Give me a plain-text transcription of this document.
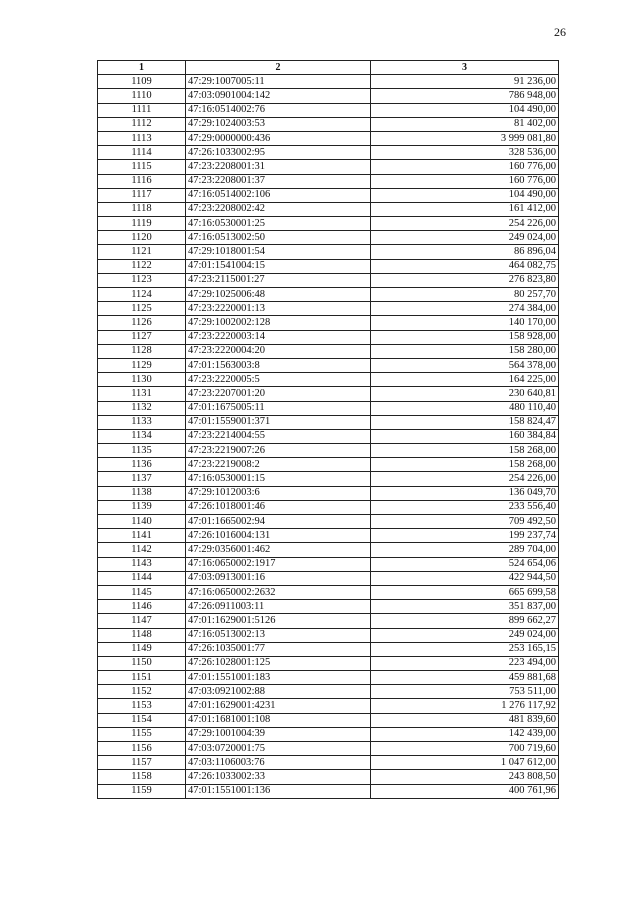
26
1	2	3
1109	47:29:1007005:11	91 236,00
1110	47:03:0901004:142	786 948,00
1111	47:16:0514002:76	104 490,00
1112	47:29:1024003:53	81 402,00
1113	47:29:0000000:436	3 999 081,80
1114	47:26:1033002:95	328 536,00
1115	47:23:2208001:31	160 776,00
1116	47:23:2208001:37	160 776,00
1117	47:16:0514002:106	104 490,00
1118	47:23:2208002:42	161 412,00
1119	47:16:0530001:25	254 226,00
1120	47:16:0513002:50	249 024,00
1121	47:29:1018001:54	86 896,04
1122	47:01:1541004:15	464 082,75
1123	47:23:2115001:27	276 823,80
1124	47:29:1025006:48	80 257,70
1125	47:23:2220001:13	274 384,00
1126	47:29:1002002:128	140 170,00
1127	47:23:2220003:14	158 928,00
1128	47:23:2220004:20	158 280,00
1129	47:01:1563003:8	564 378,00
1130	47:23:2220005:5	164 225,00
1131	47:23:2207001:20	230 640,81
1132	47:01:1675005:11	480 110,40
1133	47:01:1559001:371	158 824,47
1134	47:23:2214004:55	160 384,84
1135	47:23:2219007:26	158 268,00
1136	47:23:2219008:2	158 268,00
1137	47:16:0530001:15	254 226,00
1138	47:29:1012003:6	136 049,70
1139	47:26:1018001:46	233 556,40
1140	47:01:1665002:94	709 492,50
1141	47:26:1016004:131	199 237,74
1142	47:29:0356001:462	289 704,00
1143	47:16:0650002:1917	524 654,06
1144	47:03:0913001:16	422 944,50
1145	47:16:0650002:2632	665 699,58
1146	47:26:0911003:11	351 837,00
1147	47:01:1629001:5126	899 662,27
1148	47:16:0513002:13	249 024,00
1149	47:26:1035001:77	253 165,15
1150	47:26:1028001:125	223 494,00
1151	47:01:1551001:183	459 881,68
1152	47:03:0921002:88	753 511,00
1153	47:01:1629001:4231	1 276 117,92
1154	47:01:1681001:108	481 839,60
1155	47:29:1001004:39	142 439,00
1156	47:03:0720001:75	700 719,60
1157	47:03:1106003:76	1 047 612,00
1158	47:26:1033002:33	243 808,50
1159	47:01:1551001:136	400 761,96
